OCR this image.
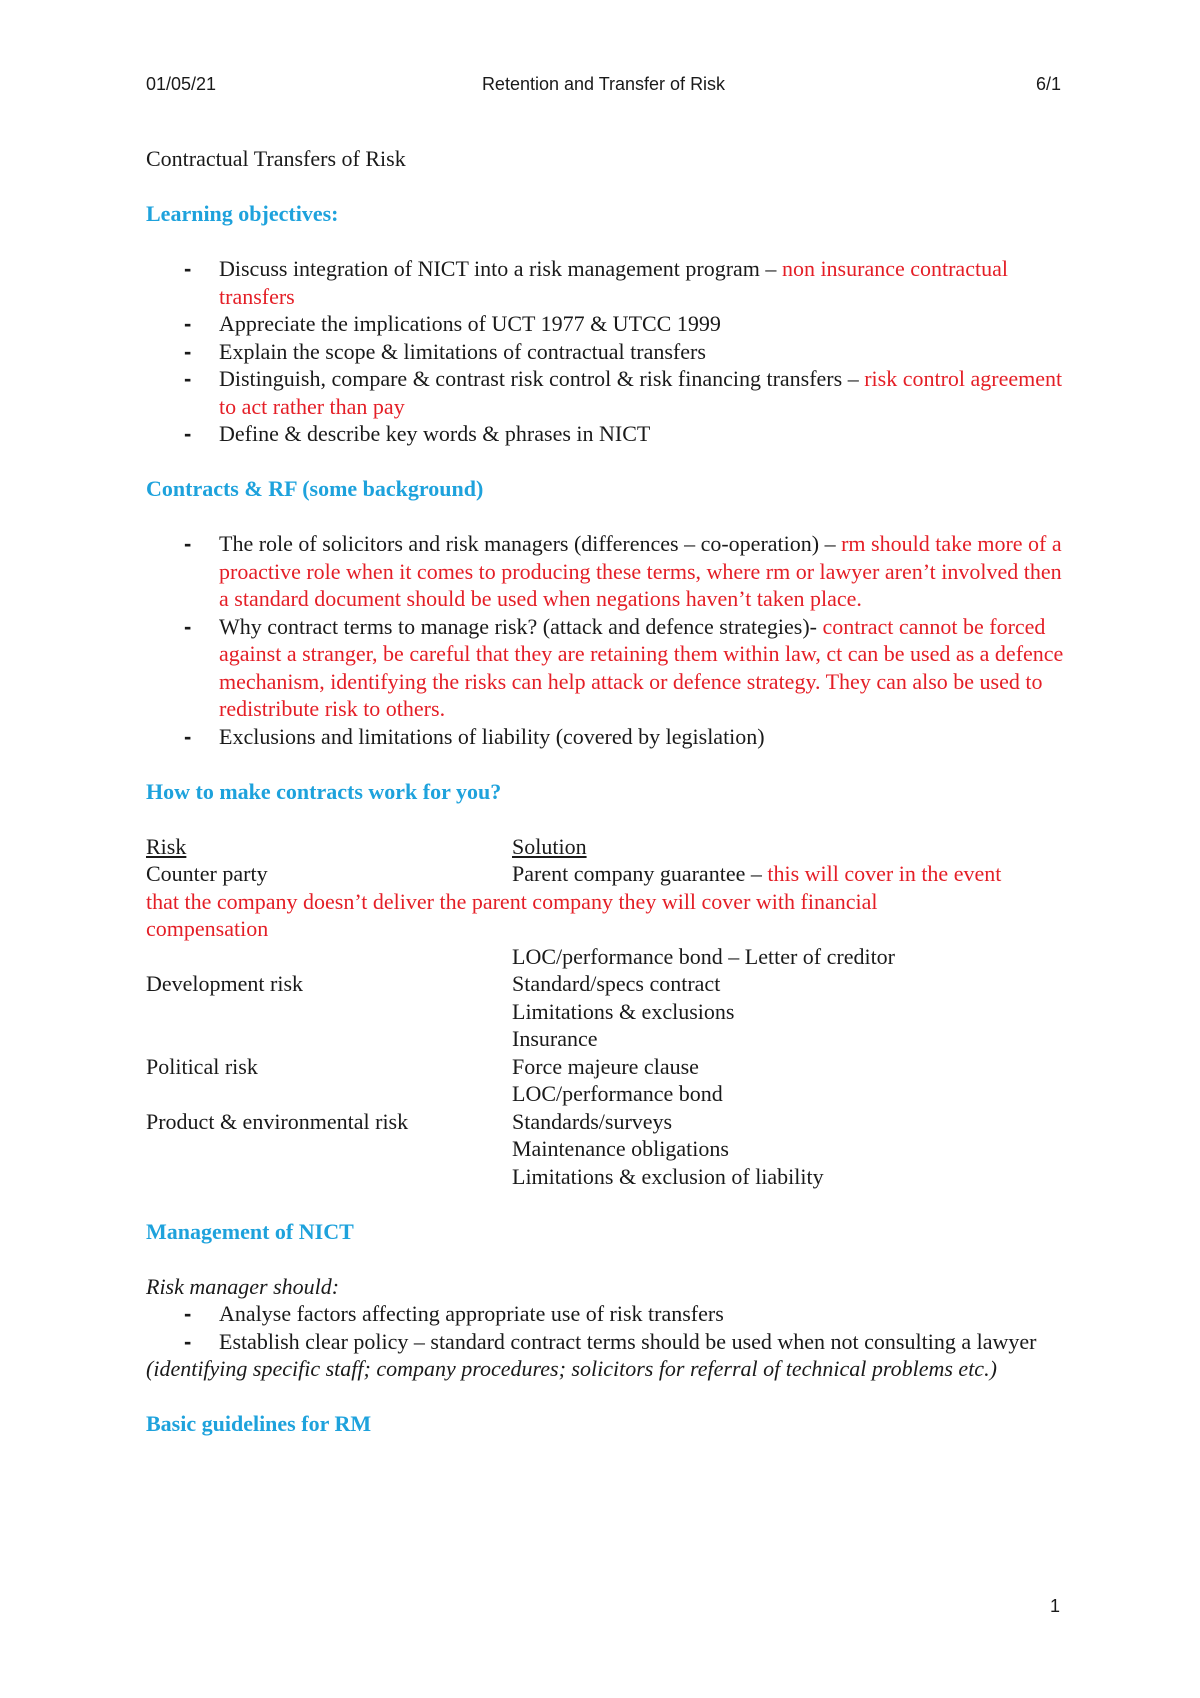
01/05/21	Retention and Transfer of Risk	6/1

Contractual Transfers of Risk

Learning objectives:

- Discuss integration of NICT into a risk management program – non insurance contractual transfers
- Appreciate the implications of UCT 1977 & UTCC 1999
- Explain the scope & limitations of contractual transfers
- Distinguish, compare & contrast risk control & risk financing transfers – risk control agreement to act rather than pay
- Define & describe key words & phrases in NICT

Contracts & RF (some background)

- The role of solicitors and risk managers (differences – co-operation) – rm should take more of a proactive role when it comes to producing these terms, where rm or lawyer aren’t involved then a standard document should be used when negations haven’t taken place.
- Why contract terms to manage risk? (attack and defence strategies)- contract cannot be forced against a stranger, be careful that they are retaining them within law, ct can be used as a defence mechanism, identifying the risks can help attack or defence strategy. They can also be used to redistribute risk to others.
- Exclusions and limitations of liability (covered by legislation)

How to make contracts work for you?

Risk	Solution
Counter party	Parent company guarantee – this will cover in the event

that the company doesn’t deliver the parent company they will cover with financial

compensation

LOC/performance bond – Letter of creditor
Development risk	Standard/specs contract
Limitations & exclusions
Insurance
Political risk	Force majeure clause
LOC/performance bond
Product & environmental risk	Standards/surveys
Maintenance obligations
Limitations & exclusion of liability

Management of NICT

Risk manager should:

- Analyse factors affecting appropriate use of risk transfers
- Establish clear policy – standard contract terms should be used when not consulting a lawyer

(identifying specific staff; company procedures; solicitors for referral of technical problems etc.)

Basic guidelines for RM

1
